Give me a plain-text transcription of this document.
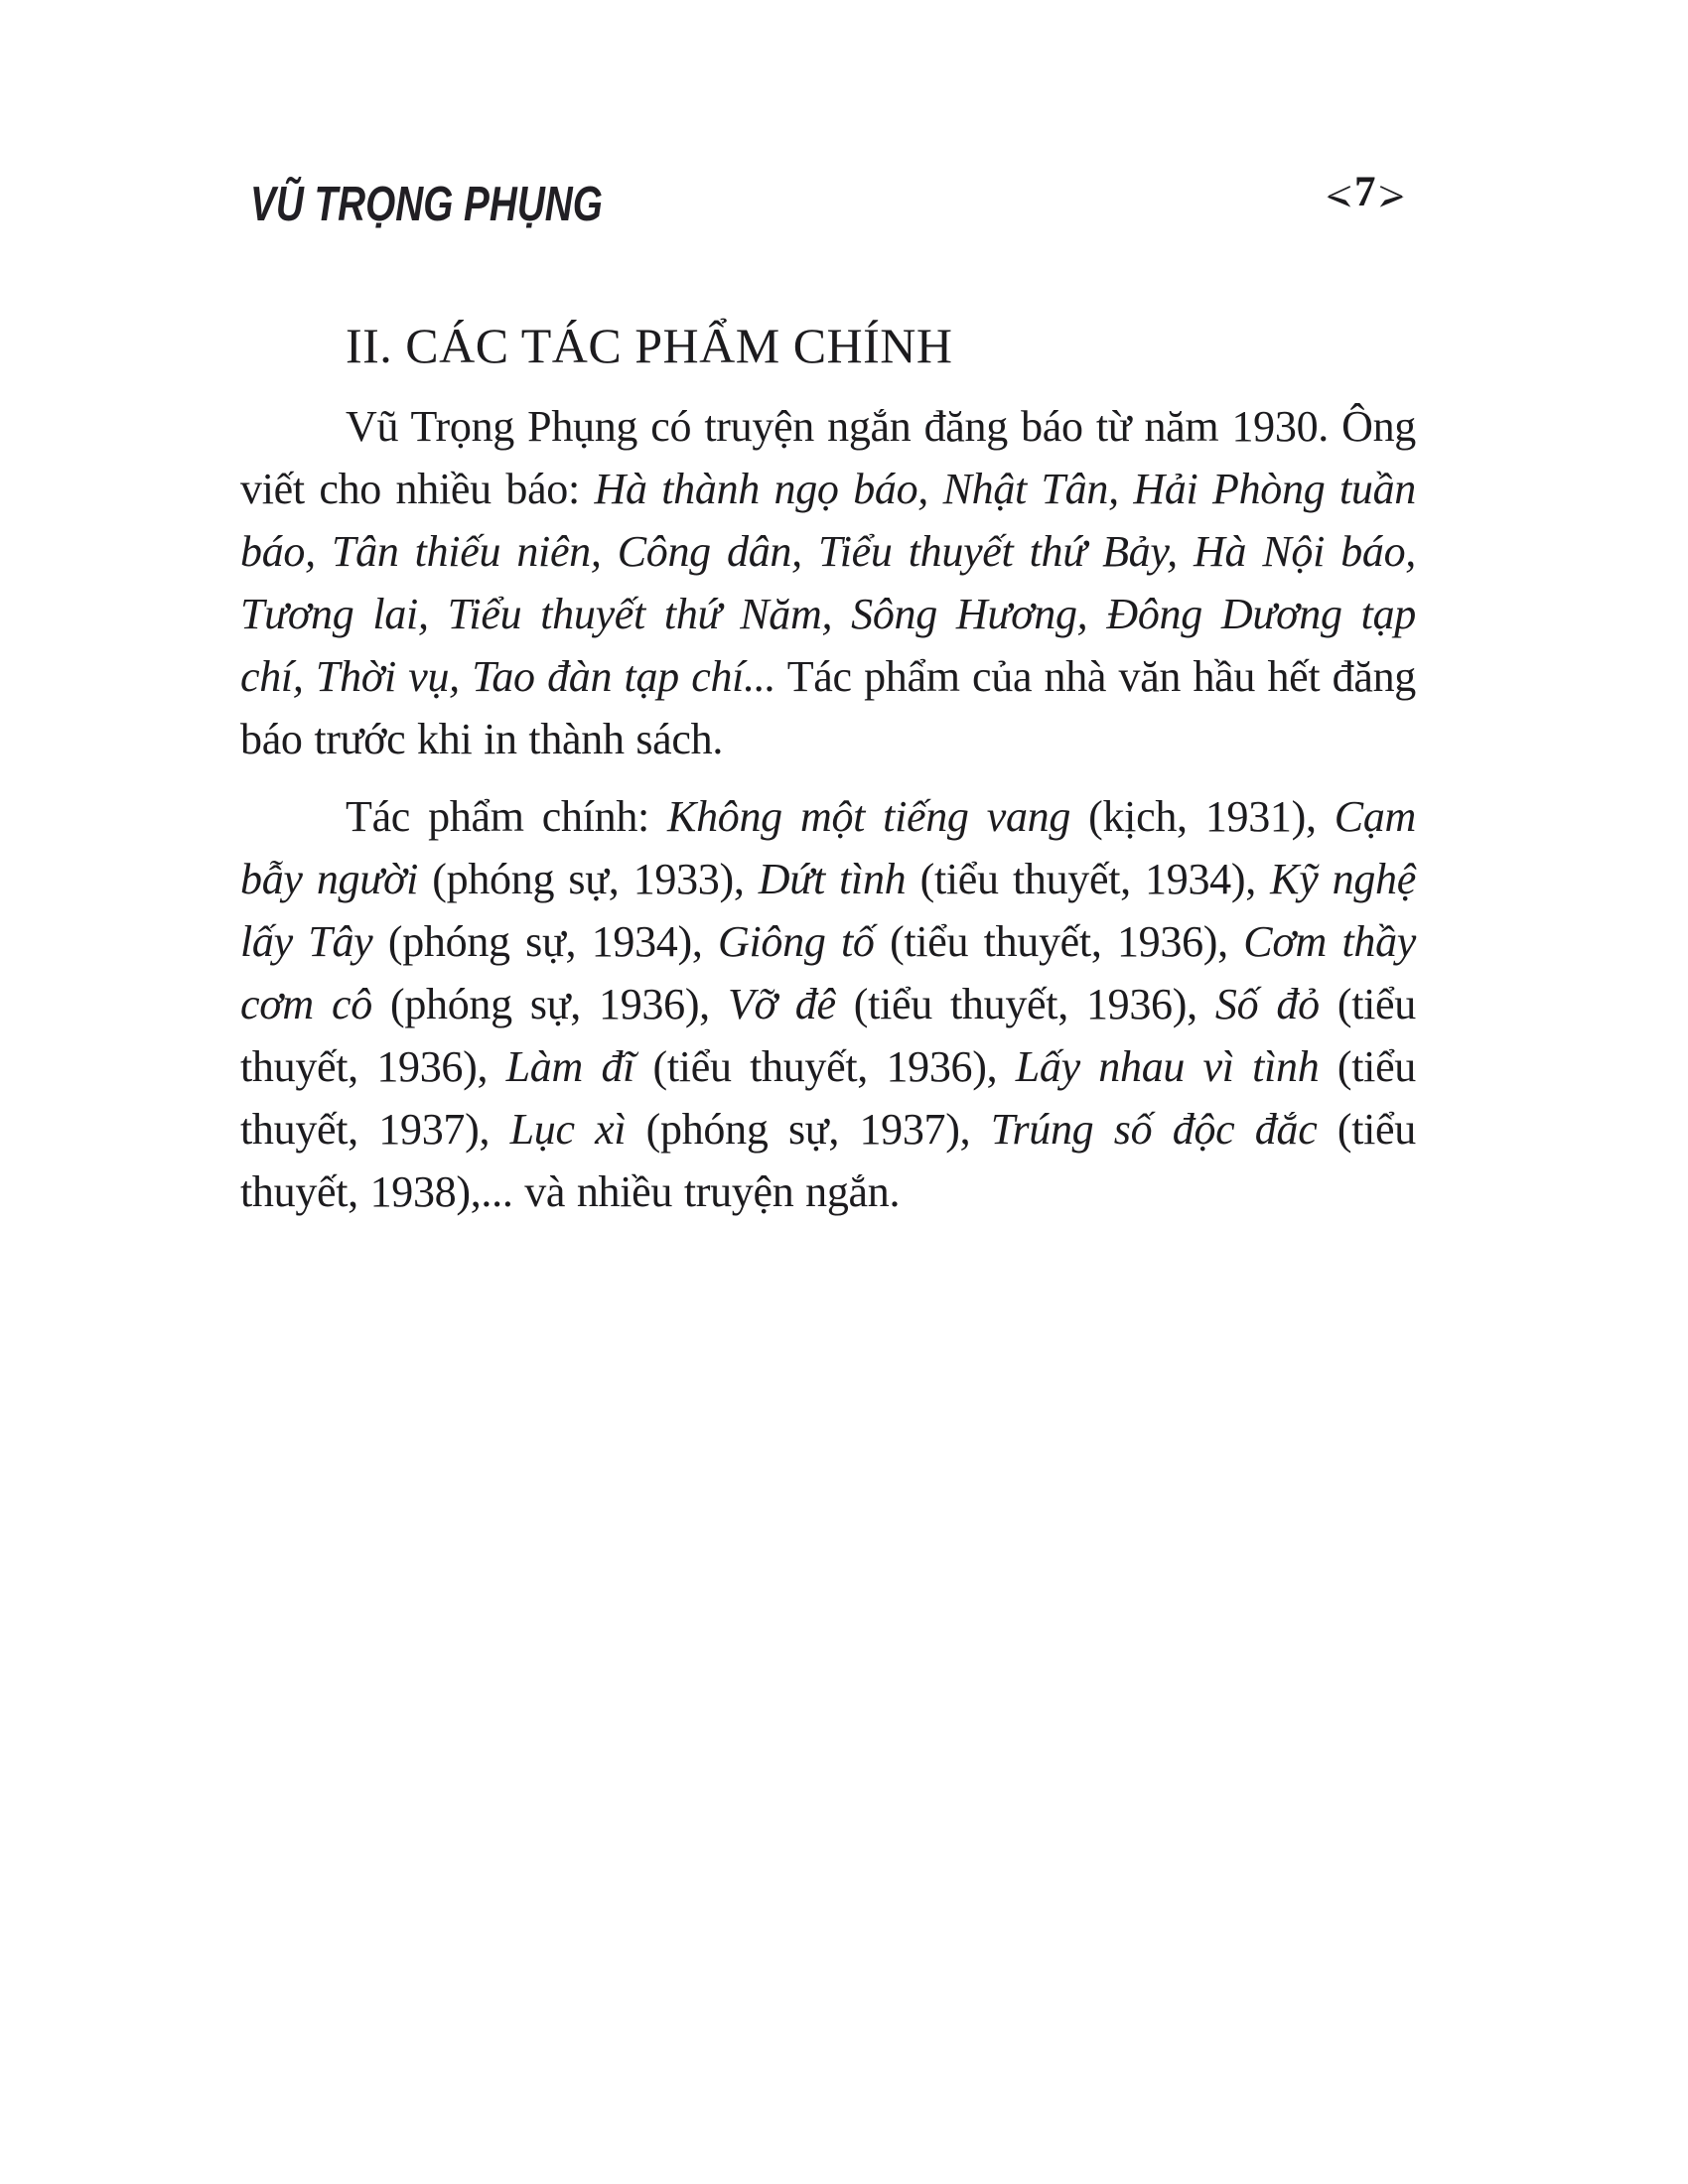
VŨ TRỌNG PHỤNG	7
II. CÁC TÁC PHẨM CHÍNH

Vũ Trọng Phụng có truyện ngắn đăng báo từ năm 1930. Ông viết cho nhiều báo: Hà thành ngọ báo, Nhật Tân, Hải Phòng tuần báo, Tân thiếu niên, Công dân, Tiểu thuyết thứ Bảy, Hà Nội báo, Tương lai, Tiểu thuyết thứ Năm, Sông Hương, Đông Dương tạp chí, Thời vụ, Tao đàn tạp chí... Tác phẩm của nhà văn hầu hết đăng báo trước khi in thành sách.

Tác phẩm chính: Không một tiếng vang (kịch, 1931), Cạm bẫy người (phóng sự, 1933), Dứt tình (tiểu thuyết, 1934), Kỹ nghệ lấy Tây (phóng sự, 1934), Giông tố (tiểu thuyết, 1936), Cơm thầy cơm cô (phóng sự, 1936), Vỡ đê (tiểu thuyết, 1936), Số đỏ (tiểu thuyết, 1936), Làm đĩ (tiểu thuyết, 1936), Lấy nhau vì tình (tiểu thuyết, 1937), Lục xì (phóng sự, 1937), Trúng số độc đắc (tiểu thuyết, 1938),... và nhiều truyện ngắn.
